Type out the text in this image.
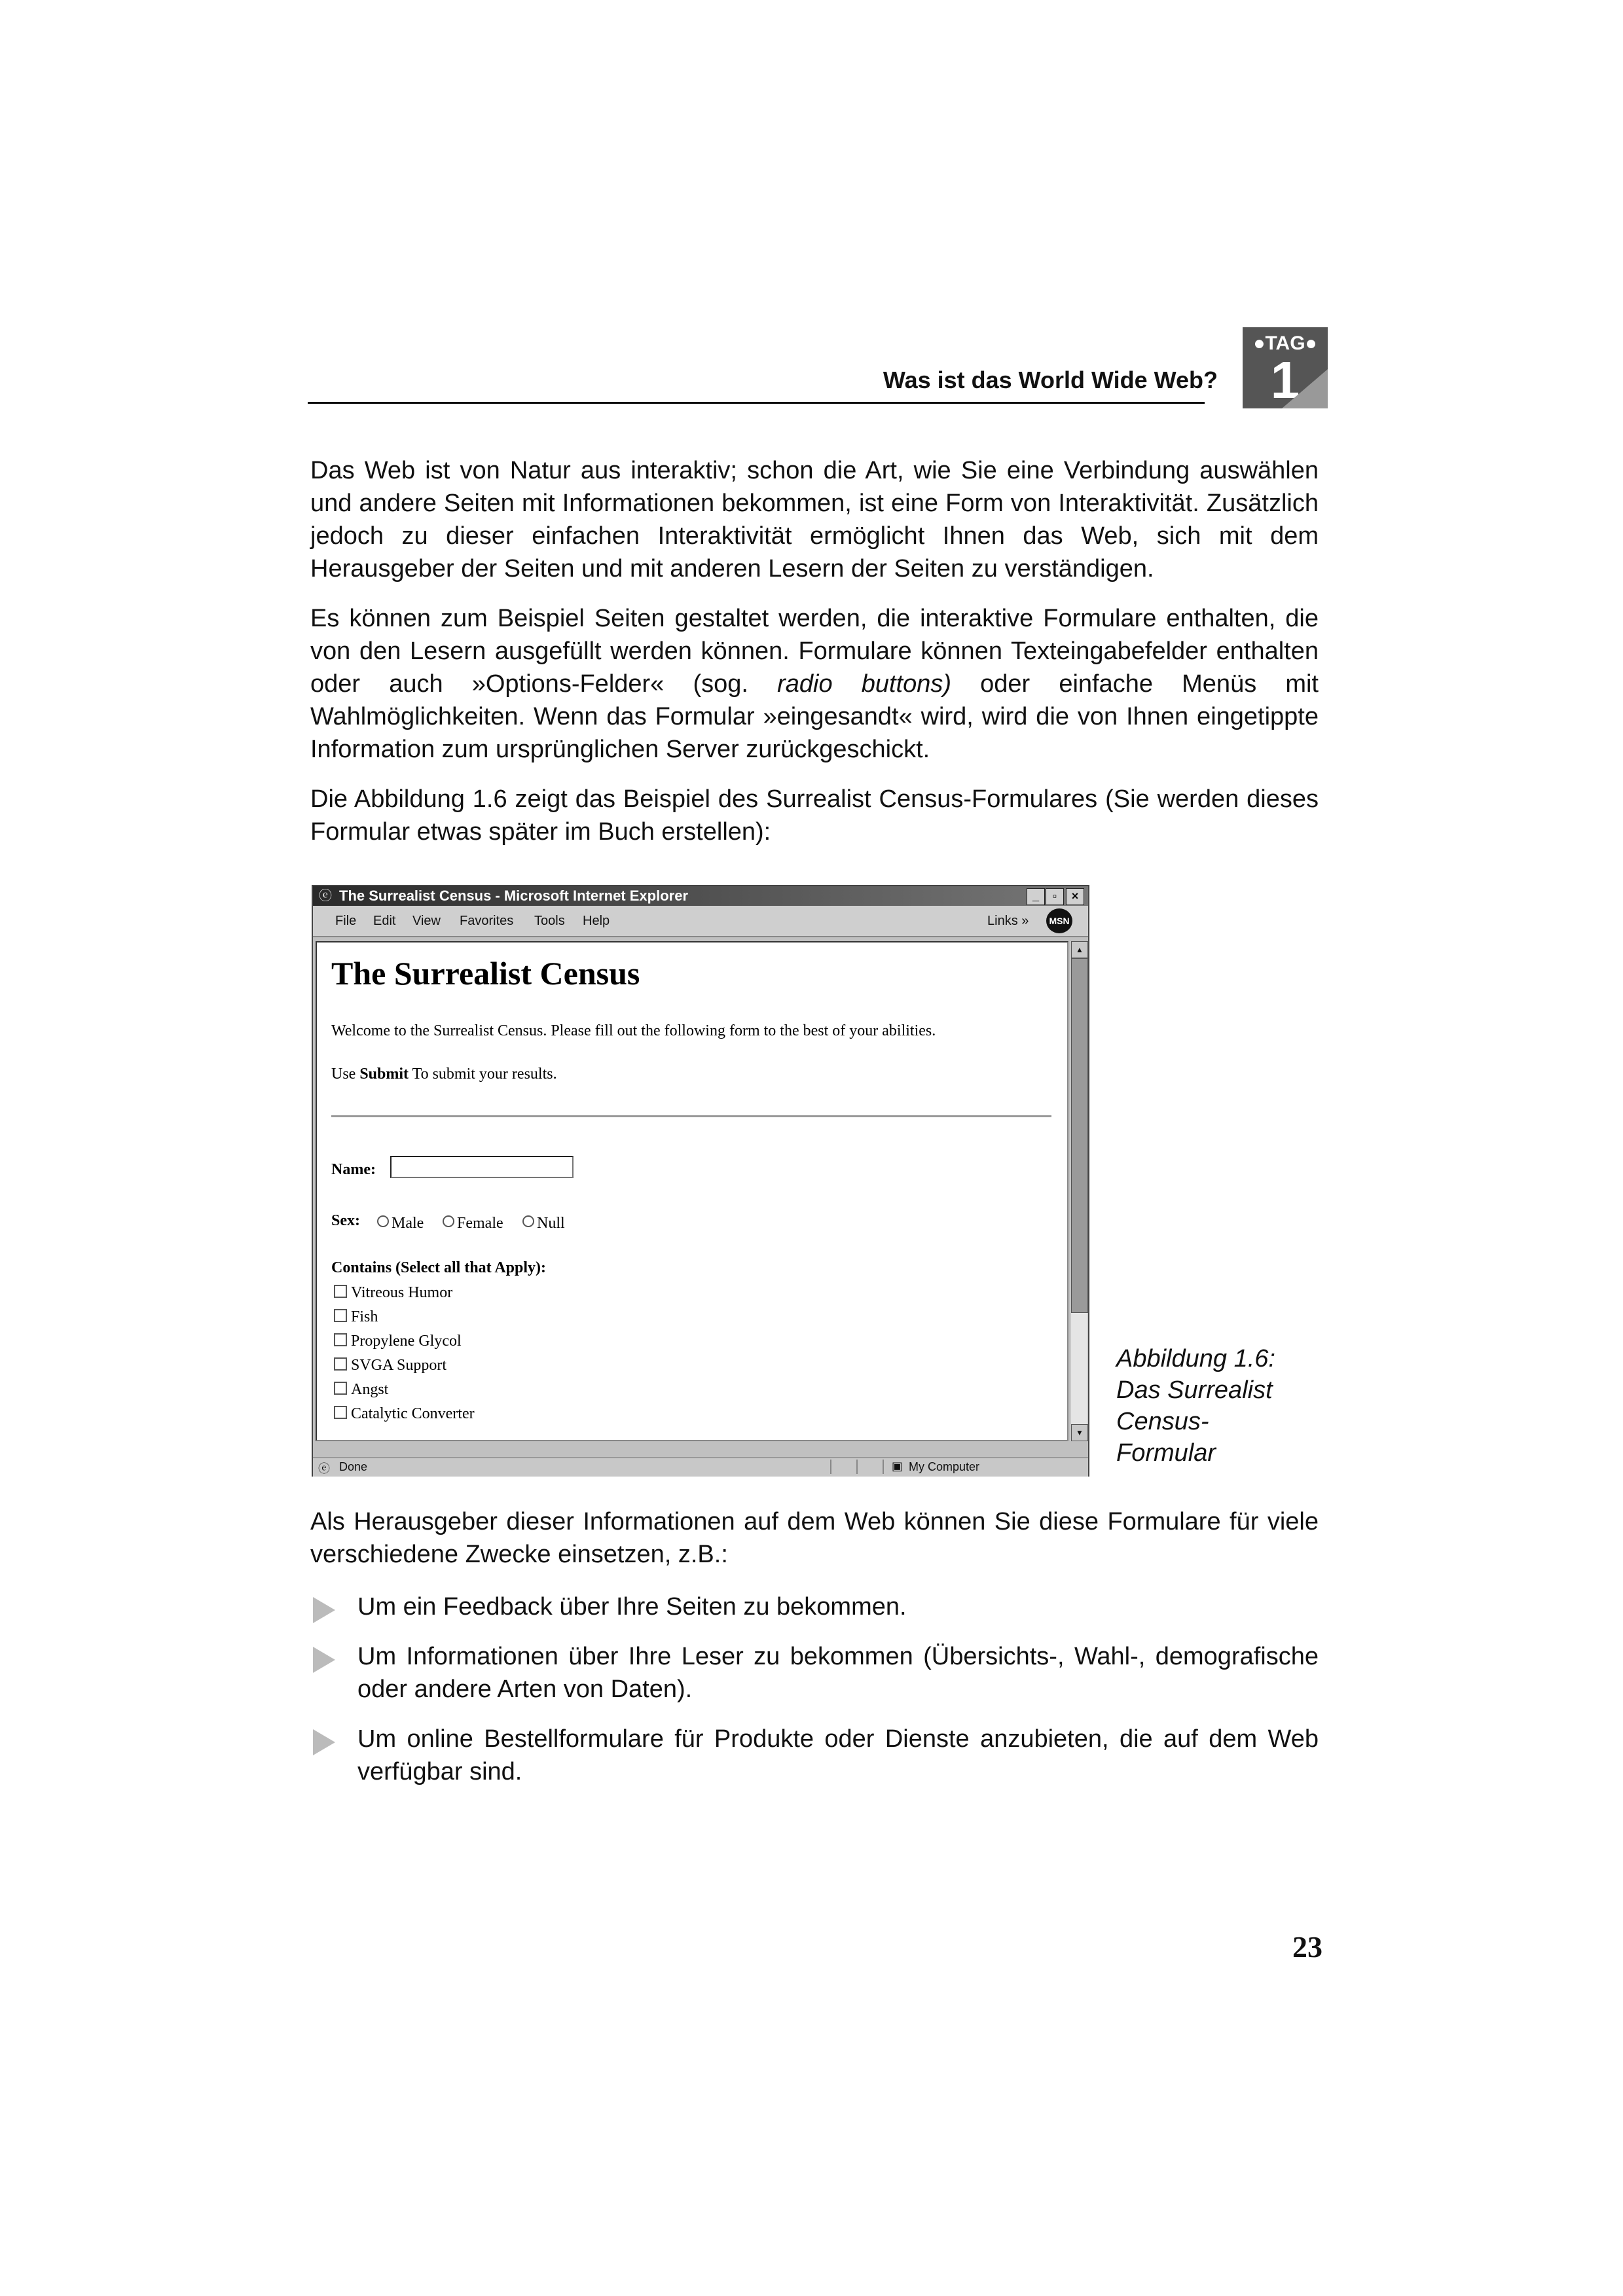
Was ist das World Wide Web?
●TAG●
1

Das Web ist von Natur aus interaktiv; schon die Art, wie Sie eine Verbindung auswählen und andere Seiten mit Informationen bekommen, ist eine Form von Interaktivität. Zusätzlich jedoch zu dieser einfachen Interaktivität ermöglicht Ihnen das Web, sich mit dem Herausgeber der Seiten und mit anderen Lesern der Seiten zu verständigen.

Es können zum Beispiel Seiten gestaltet werden, die interaktive Formulare enthalten, die von den Lesern ausgefüllt werden können. Formulare können Texteingabefelder enthalten oder auch »Options-Felder« (sog. radio buttons) oder einfache Menüs mit Wahlmöglichkeiten. Wenn das Formular »eingesandt« wird, wird die von Ihnen eingetippte Information zum ursprünglichen Server zurückgeschickt.

Die Abbildung 1.6 zeigt das Beispiel des Surrealist Census-Formulares (Sie werden dieses Formular etwas später im Buch erstellen):

ⓔ The Surrealist Census - Microsoft Internet Explorer	_	▫	×
File Edit View Favorites Tools Help	Links »	MSN
The Surrealist Census
Welcome to the Surrealist Census. Please fill out the following form to the best of your abilities.
Use Submit To submit your results.
Name:
Sex:	Male	Female	Null
Contains (Select all that Apply):
Vitreous Humor
Fish
Propylene Glycol
SVGA Support
Angst
Catalytic Converter
▲
▼
ⓔ Done	▣ My Computer
Abbildung 1.6:
Das Surrealist
Census-
Formular

Als Herausgeber dieser Informationen auf dem Web können Sie diese Formulare für viele verschiedene Zwecke einsetzen, z.B.:

Um ein Feedback über Ihre Seiten zu bekommen.
Um Informationen über Ihre Leser zu bekommen (Übersichts-, Wahl-, demografische oder andere Arten von Daten).
Um online Bestellformulare für Produkte oder Dienste anzubieten, die auf dem Web verfügbar sind.
23
